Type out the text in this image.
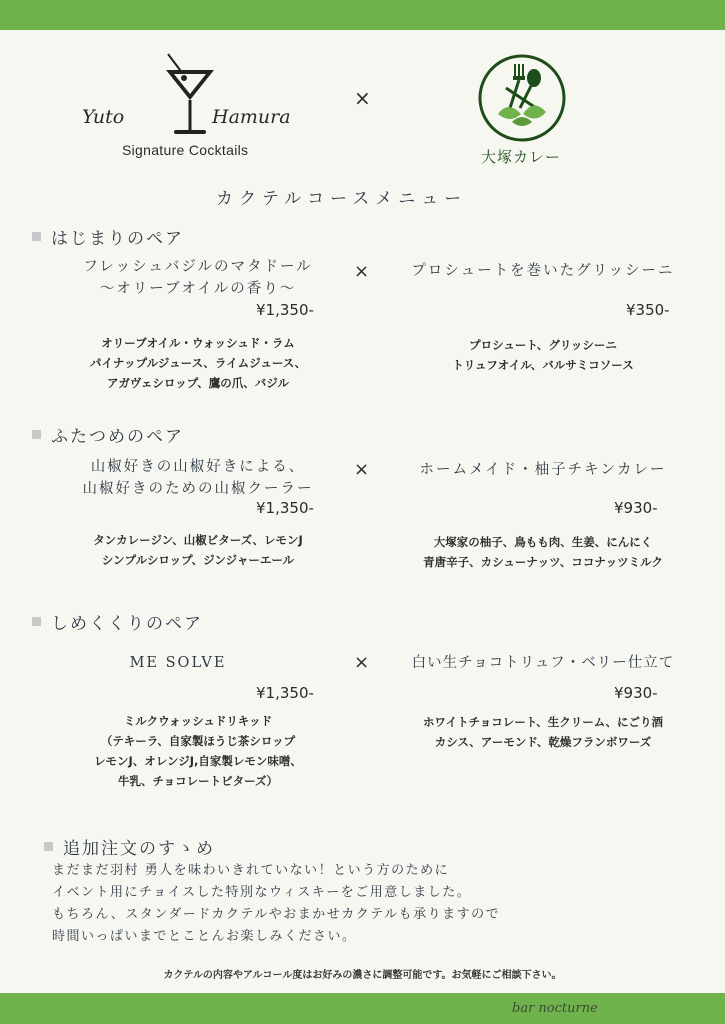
Yuto	Hamura
Signature Cocktails
×
大塚カレー
カクテルコースメニュー
はじまりのペア
フレッシュバジルのマタドール
～オリーブオイルの香り～
¥1,350-
オリーブオイル・ウォッシュド・ラム
パイナップルジュース、ライムジュース、
アガヴェシロップ、鷹の爪、バジル
×	プロシュートを巻いたグリッシーニ
¥350-
プロシュート、グリッシーニ
トリュフオイル、バルサミコソース
ふたつめのペア
山椒好きの山椒好きによる、
山椒好きのための山椒クーラー
¥1,350-
タンカレージン、山椒ビターズ、レモンJ
シンプルシロップ、ジンジャーエール
×	ホームメイド・柚子チキンカレー
¥930-
大塚家の柚子、鳥もも肉、生姜、にんにく
青唐辛子、カシューナッツ、ココナッツミルク
しめくくりのペア
ME SOLVE
¥1,350-
ミルクウォッシュドリキッド
（テキーラ、自家製ほうじ茶シロップ
レモンJ、オレンジJ,自家製レモン味噌、
牛乳、チョコレートビターズ）
×	白い生チョコトリュフ・ベリー仕立て
¥930-
ホワイトチョコレート、生クリーム、にごり酒
カシス、アーモンド、乾燥フランボワーズ
追加注文のすゝめ
まだまだ羽村 勇人を味わいきれていない！という方のために
イベント用にチョイスした特別なウィスキーをご用意しました。
もちろん、スタンダードカクテルやおまかせカクテルも承りますので
時間いっぱいまでとことんお楽しみください。
カクテルの内容やアルコール度はお好みの濃さに調整可能です。お気軽にご相談下さい。
bar nocturne
